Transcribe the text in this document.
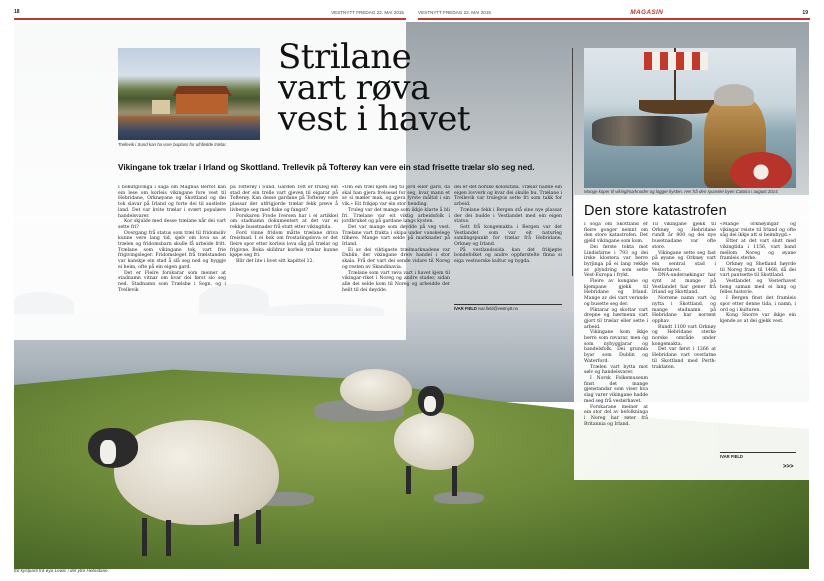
18	VESTNYTT FREDAG 22. MAI 2015	VESTNYTT FREDAG 22. MAI 2015	MAGASIN	19
Trellevik i Sund kan ha vore buplass for ufrifødde trælar.
Strilane
vart røva
vest i havet
Mange koper til vikinglmarknader og logger kysten. Her frå den spanske byen Catoira i august 2014.
Vikingane tok trælar i Irland og Skottland. Trellevik på Tofterøy kan vere ein stad frisette trælar slo seg ned.

I bokutgivinga i saga om Magnus Berfot kan ein lese om korleis vikingane fore vest til Hebridane, Orknøyane og Skottland og dei tok slavar på Irland og forte dei til austleite land. Det var kvite trælar i svært populære handelsvarer.

Kor skjulde med desse trælane når dei vart sette fri?

Overgang frå status som træl til fridomsliv kunne vere lang tid, sjølv om lova sa at trælen og fridomsbarn skulle få arbeide fritt. Trælane som vikingane tok, vart frie frigivingsleger. Fridomsleget frå trælstanden var kanskje ein stad å slå seg ned og byggje ei heim, ofte på ein eigen gard.

Det er Fleire forskarar som meiner at stadnamn vitnar om kvar dei først slo seg ned. Stadnamn som Trælsbø i Sogn, og i Trellevik

på Tofterøy i Sund. Garden Toft er truleg ein stad der ein trelle vart gjeven til eigarar på Tofterøy. Kan desse gardane på Tofterøy vere plassar der utfrigjorde trælar fekk prøve å livberge seg med fiske og fangst?

Forskaren Frode Iversen har i ei artikkel om stadnamn dokumentert at det var ei rekkje busetnader frå stutt etter vikingtida.

Ford vinne fridom måtte trælane driva freistnad. I ei bok om frostatingslova er det fleire spor etter korleis lova såg på trælar og frigivne. Boka skildrar korleis trælar kunne kjøpe seg fri.

Blir det lite i livet sitt kapittel 12.

«Om ein træl kjem seg til jord eller gard, då skal han gjera frelsesøl for seg, kvar mann et av si mæler mak, og gjera fyrste måltid i sin vik.» Eit frikjøp var ein stor hending.

Truleg var det mange som ikkje klarte å bli fri. Trælane var eit viktig arbeidsfolk i jordbruket og på gardane langs kysten.

Det var mange som døydde på veg vest. Trælane vart frakta i skipa under vanskelege tilhøve. Mange vart selde på marknader på Irland.

Ei av dei viktigaste trælmarknadene var Dublin, der vikingane dreiv handel i stor skala. Frå der vart dei sende vidare til Noreg og resten av Skandinavia.

Trælane som vart røva vart i havet kjem til vikingar-riket i Noreg og andre stader, sidan alle dei selde kom til Noreg og arbeidde der heilt til dei døydde.

dei er det norske kolonitida. Trælar hadde ein eigen lovverk og kvar dei skulle bu. Trælane i Trellevik var trulegvis sette fri som takk for arbeid.

Trælane fekk i Bergen stå sine nye plassar der dei budde i Vestlandet med ein eigen status.

Sett frå kongemakta i Bergen var det Vestlandet som var eit naturleg samlingspunkt for trælar frå Hebridane, Orknøy og Irland.

På vestlandssida kan det frikjøpte bondefolket og andre oppførstelte finna si eiga vestnorske kultur og bygda.

IVAR FIELD ivar.field@vestnytt.no
Den store katastrofen

I soga om Skottland er fleire gonger nemnt om den store katastrofen. Det gjeld vikingane som kom.

Dei første tokta mot Lindisfarne i 793 og dei irske klostera var berre byrjinga på ei lang rekkje av plyndring som sette Vest-Europa i frykt.

Fleire av kongane og kjempane gjekk til Hebridane og Irland. Mange av dei vart verande og busette seg der.

Piktarar og skottar vart drepne og hærmenn vart gjort til trælar eller sette i arbeid.

Vikingane kom ikkje berre som røvarar, men òg som nybyggjarar og handelsfolk. Dei grunnla byar som Dublin og Waterford.

Trælen vart bytta mot sølv og handelsvarer.

I Norsk Folkemuseum finst det mange gjenstandar som viser kva slag varer vikingane hadde med seg frå vesterhavet.

Forskarane meiner at ein stor del av befolkninga i Noreg har røter frå Britannia og Irland.

Til vikingane gjekk til Orknøy og Hebridane rundt år 800 og dei nye busetnadane var ofte store.

Vikingane sette seg fast på øyane og Orknøy vart ein sentral stad i Vesterhavet.

DNA-undersøkingar har synt at mange på Vestlandet har gener frå Irland og Skottland.

Norrøne namn vart òg nytta i Skottland, og mange stadnamn på Hebridane har norrønt opphav.

Rundt 1100 vart Orknøy og Hebridane sterke norske område under kongemakta.

Det var først i 1266 at Hebridane vart overlatne til Skottland med Perth-traktaten.

«Mange orknøyingar og vikingar reiste til Irland og ofte såg dei ikkje att si heimbygd.»

Etter at det vart slutt med vikingtida i 1156, vart band mellom Noreg og øyane framleis sterke.

Orknøy og Shetland høyrde til Noreg fram til 1468, då dei vart pantsette til Skottland.

Vestlandet og Vesterhavet heng saman med ei lang og felles historie.

I Bergen finst det framleis spor etter denne tida, i namn, i ord og i kulturen.

Kong Snorre var ikkje ein kjende av at dei gjekk vest.

IVAR FIELD
>>>
Eit kystparti frå øya Lewis i det ytre Hebridane.
